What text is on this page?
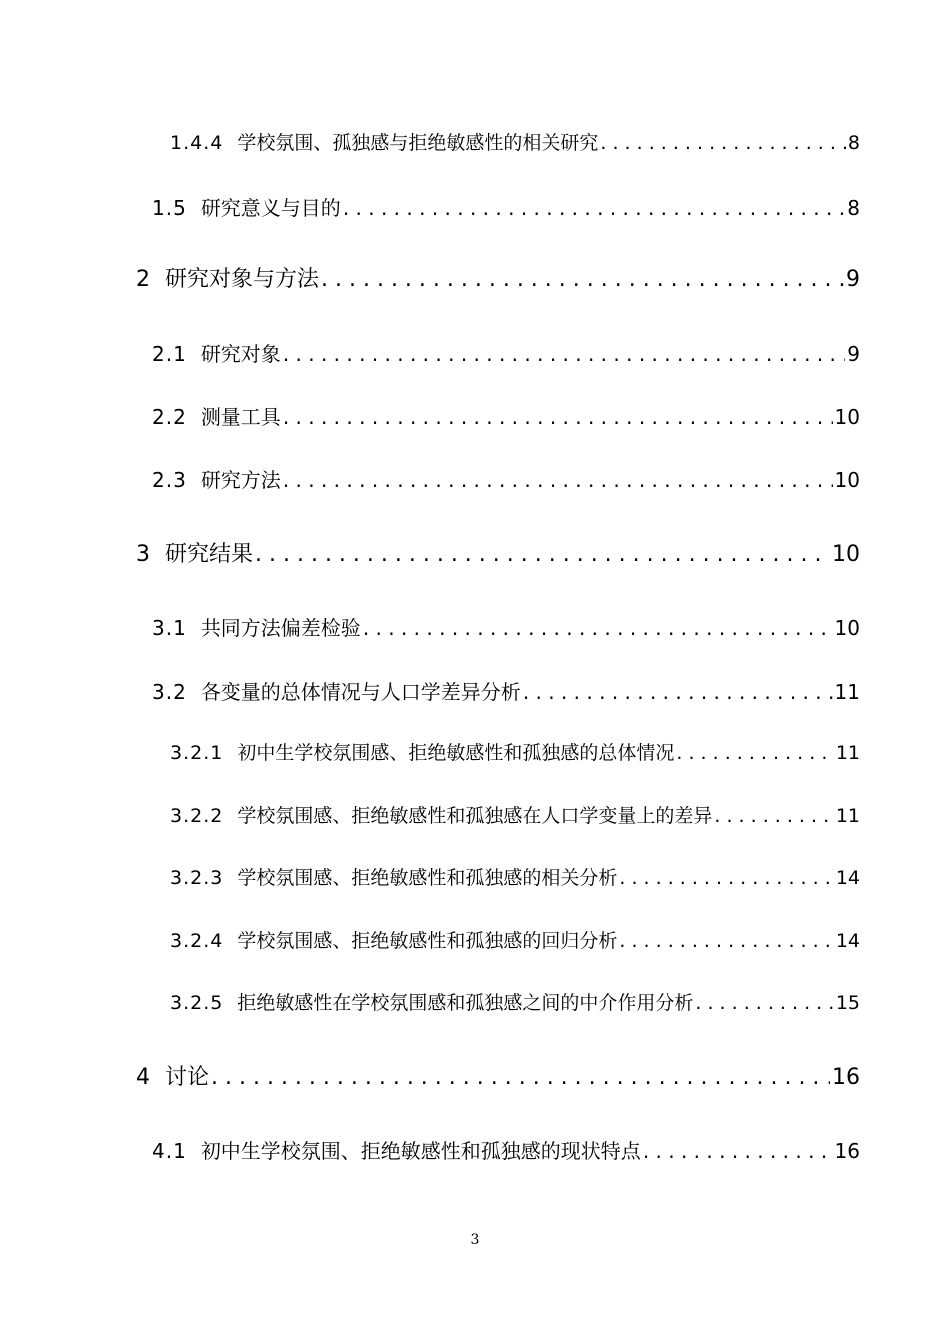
1.4.4 学校氛围、孤独感与拒绝敏感性的相关研究 . . .	8
1.5 研究意义与目的 . . .	8
2 研究对象与方法 . . .	9
2.1 研究对象 . . .	9
2.2 测量工具 . . .	10
2.3 研究方法 . . .	10
3 研究结果 . . .	10
3.1 共同方法偏差检验 . . .	10
3.2 各变量的总体情况与人口学差异分析 . . .	11
3.2.1 初中生学校氛围感、拒绝敏感性和孤独感的总体情况 . . .	11
3.2.2 学校氛围感、拒绝敏感性和孤独感在人口学变量上的差异 . . .	11
3.2.3 学校氛围感、拒绝敏感性和孤独感的相关分析 . . .	14
3.2.4 学校氛围感、拒绝敏感性和孤独感的回归分析 . . .	14
3.2.5 拒绝敏感性在学校氛围感和孤独感之间的中介作用分析 . . .	15
4 讨论 . . .	16
4.1 初中生学校氛围、拒绝敏感性和孤独感的现状特点 . . .	16
3
